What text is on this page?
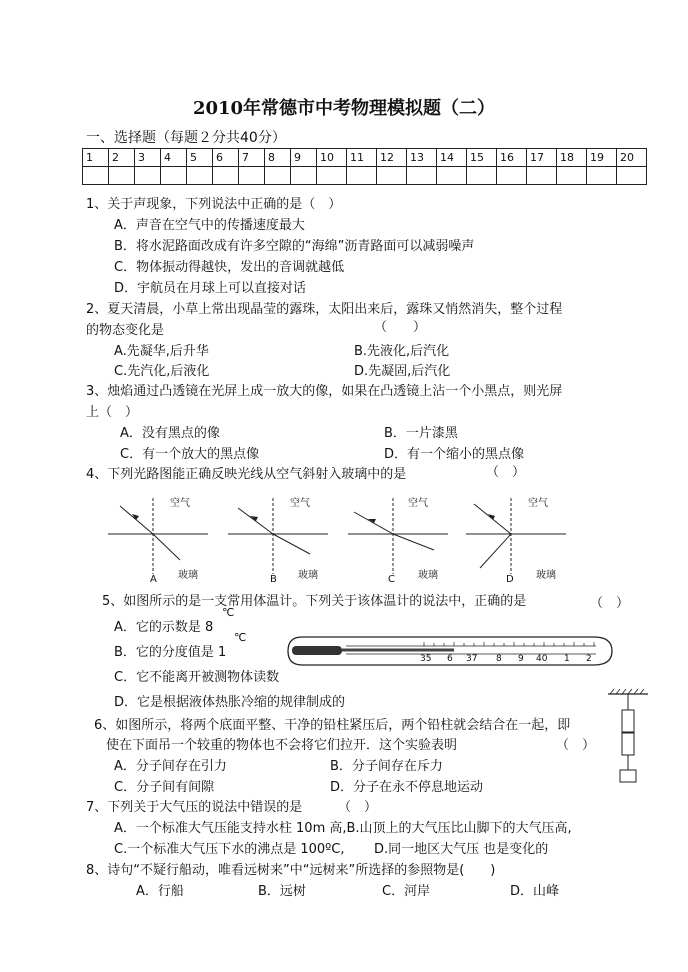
2010年常德市中考物理模拟题（二）
一、选择题（每题２分共40分）
1	2	3	4	5	6	7	8	9	10	11	12	13	14	15	16	17	18	19	20

1、关于声现象，下列说法中正确的是（　）
A．声音在空气中的传播速度最大
B．将水泥路面改成有许多空隙的“海绵”沥青路面可以减弱噪声
C．物体振动得越快，发出的音调就越低
D．宇航员在月球上可以直接对话
2、夏天清晨，小草上常出现晶莹的露珠，太阳出来后，露珠又悄然消失，整个过程
的物态变化是	（　　）
A.先凝华,后升华	B.先液化,后汽化
C.先汽化,后液化	D.先凝固,后汽化
3、烛焰通过凸透镜在光屏上成一放大的像，如果在凸透镜上沾一个小黑点，则光屏
上（　）
A．没有黑点的像	B．一片漆黑
C．有一个放大的黑点像	D．有一个缩小的黑点像
4、下列光路图能正确反映光线从空气斜射入玻璃中的是	（　）
空气
玻璃
A
空气
玻璃
B
空气
玻璃
C
空气
玻璃
D
5、如图所示的是一支常用体温计。下列关于该体温计的说法中，正确的是	（　）
A．它的示数是 8
℃
B．它的分度值是 1
℃
C．它不能离开被测物体读数
D．它是根据液体热胀冷缩的规律制成的
35 6 37 8 9 40 1 2
6、如图所示，将两个底面平整、干净的铅柱紧压后，两个铅柱就会结合在一起，即
使在下面吊一个较重的物体也不会将它们拉开．这个实验表明	（　）
A．分子间存在引力	B．分子间存在斥力
C．分子间有间隙	D．分子在永不停息地运动
7、下列关于大气压的说法中错误的是	（　）
A．一个标准大气压能支持水柱 10m 高,B.山顶上的大气压比山脚下的大气压高,
C.一个标准大气压下水的沸点是 100ºC, D.同一地区大气压 也是变化的
8、诗句“不疑行船动，唯看远树来”中“远树来”所选择的参照物是(　　)
A．行船	B．远树	C．河岸	D．山峰
